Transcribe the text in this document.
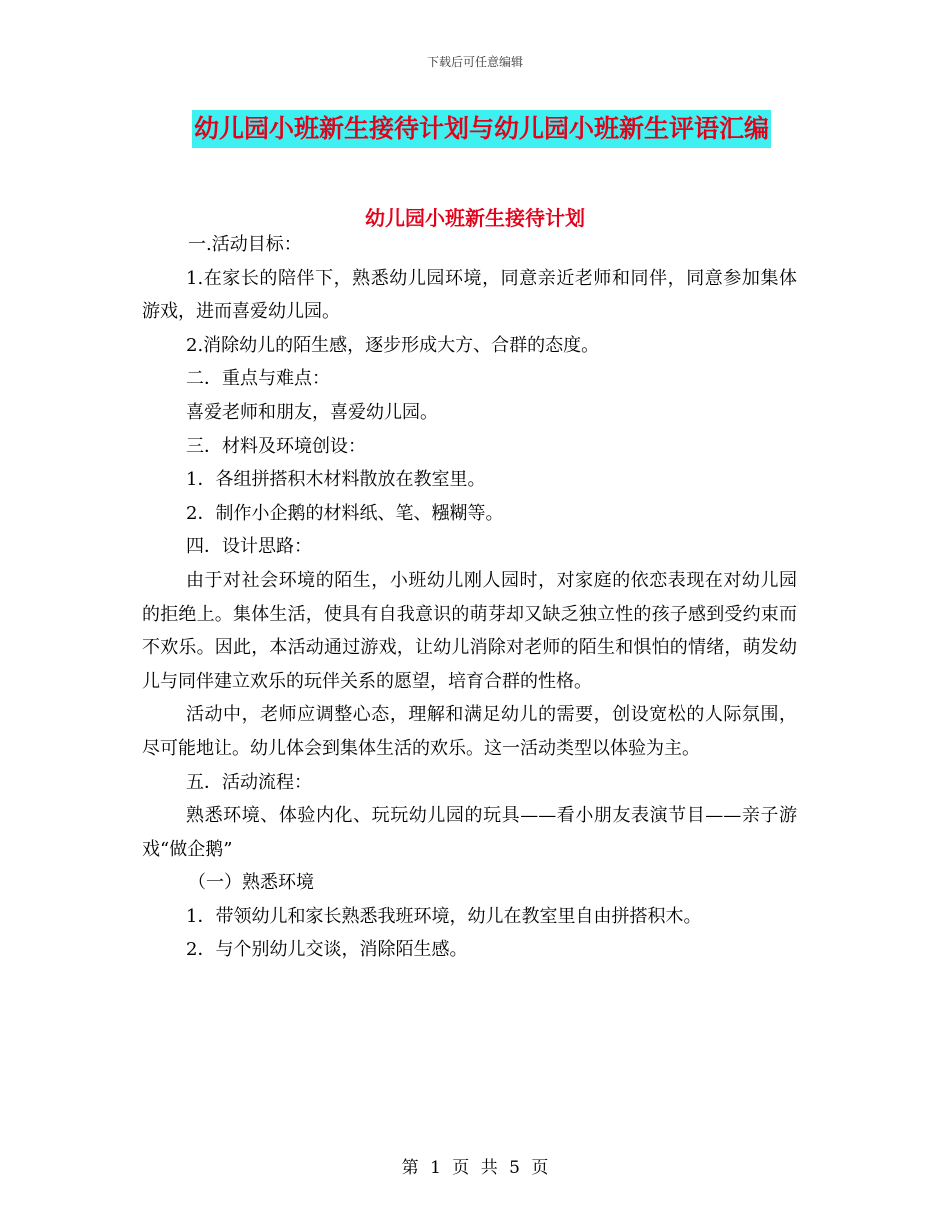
下载后可任意编辑
幼儿园小班新生接待计划与幼儿园小班新生评语汇编
幼儿园小班新生接待计划

一.活动目标：

1.在家长的陪伴下，熟悉幼儿园环境，同意亲近老师和同伴，同意参加集体游戏，进而喜爱幼儿园。

2.消除幼儿的陌生感，逐步形成大方、合群的态度。

二．重点与难点：

喜爱老师和朋友，喜爱幼儿园。

三．材料及环境创设：

1．各组拼搭积木材料散放在教室里。

2．制作小企鹅的材料纸、笔、糨糊等。

四．设计思路：

由于对社会环境的陌生，小班幼儿刚人园时，对家庭的依恋表现在对幼儿园的拒绝上。集体生活，使具有自我意识的萌芽却又缺乏独立性的孩子感到受约束而不欢乐。因此，本活动通过游戏，让幼儿消除对老师的陌生和惧怕的情绪，萌发幼儿与同伴建立欢乐的玩伴关系的愿望，培育合群的性格。

活动中，老师应调整心态，理解和满足幼儿的需要，创设宽松的人际氛围，尽可能地让。幼儿体会到集体生活的欢乐。这一活动类型以体验为主。

五．活动流程：

熟悉环境、体验内化、玩玩幼儿园的玩具——看小朋友表演节目——亲子游戏“做企鹅”

（一）熟悉环境

1．带领幼儿和家长熟悉我班环境，幼儿在教室里自由拼搭积木。

2．与个别幼儿交谈，消除陌生感。

第 1 页 共 5 页
